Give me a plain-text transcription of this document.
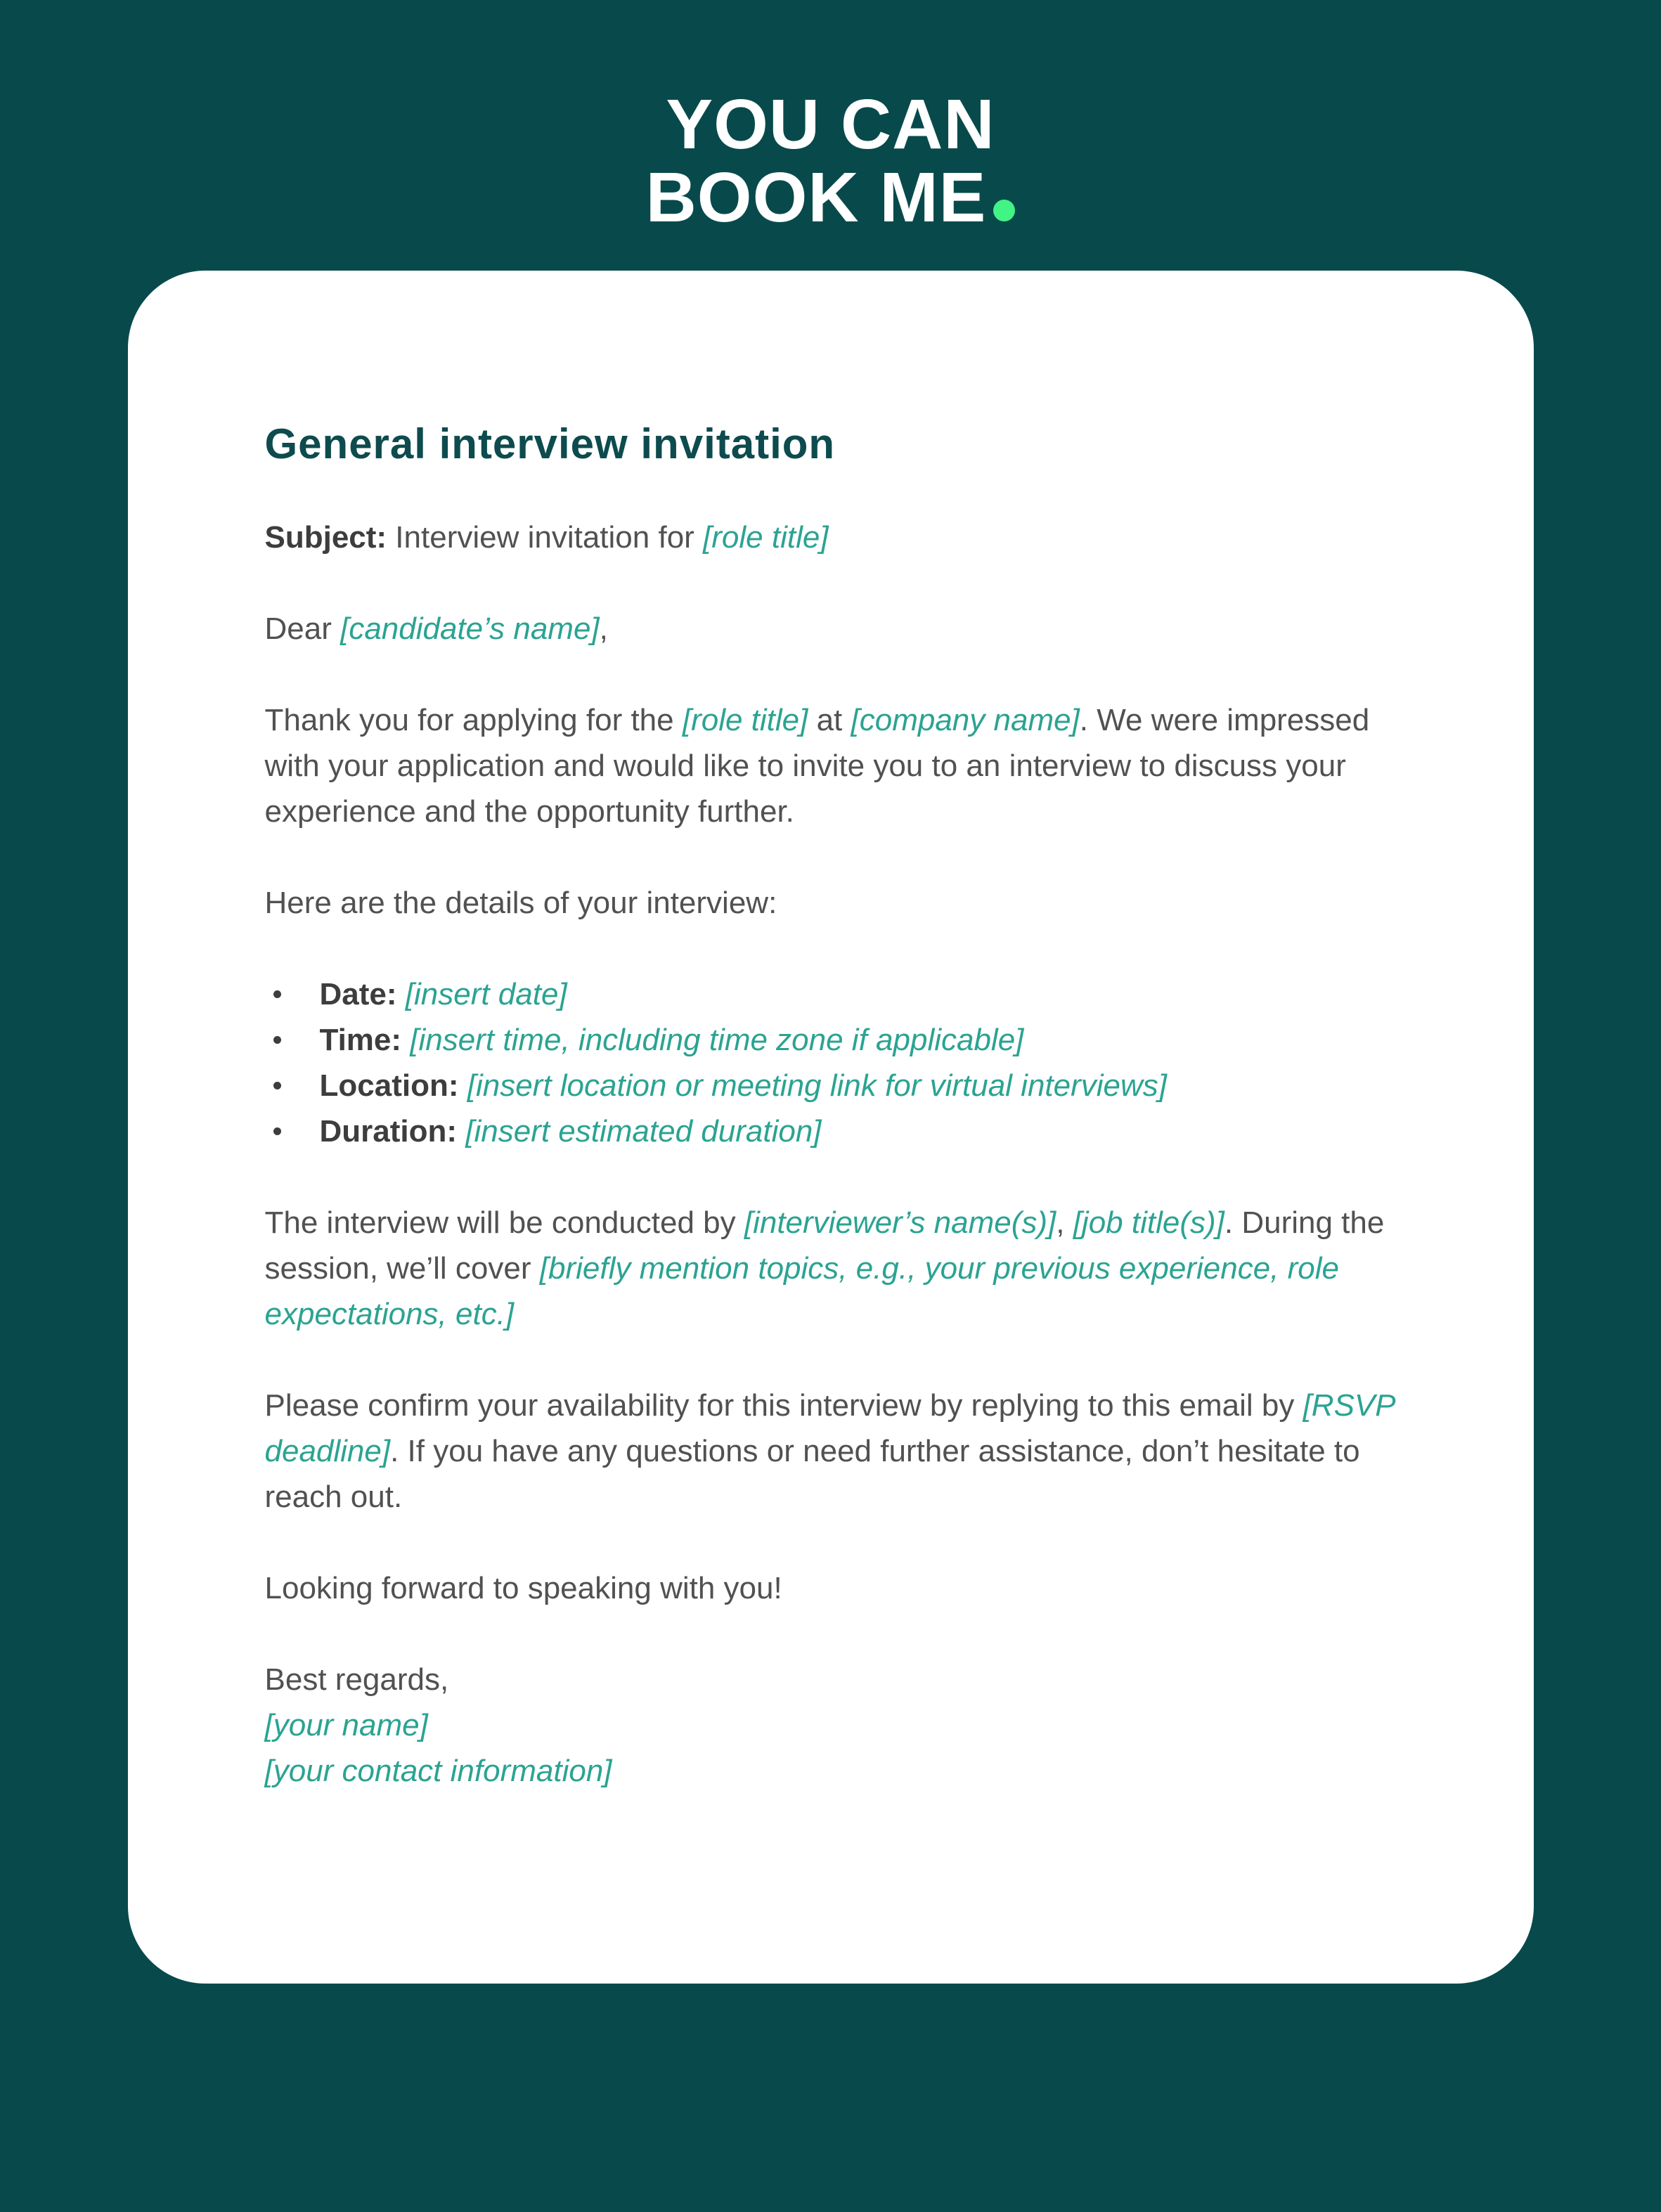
YOU CAN
BOOK ME
General interview invitation

Subject: Interview invitation for [role title]

Dear [candidate’s name],

Thank you for applying for the [role title] at [company name]. We were impressed with your application and would like to invite you to an interview to discuss your experience and the opportunity further.

Here are the details of your interview:

Date: [insert date]
Time: [insert time, including time zone if applicable]
Location: [insert location or meeting link for virtual interviews]
Duration: [insert estimated duration]

The interview will be conducted by [interviewer’s name(s)], [job title(s)]. During the session, we’ll cover [briefly mention topics, e.g., your previous experience, role expectations, etc.]

Please confirm your availability for this interview by replying to this email by [RSVP deadline]. If you have any questions or need further assistance, don’t hesitate to reach out.

Looking forward to speaking with you!

Best regards,
[your name]
[your contact information]
